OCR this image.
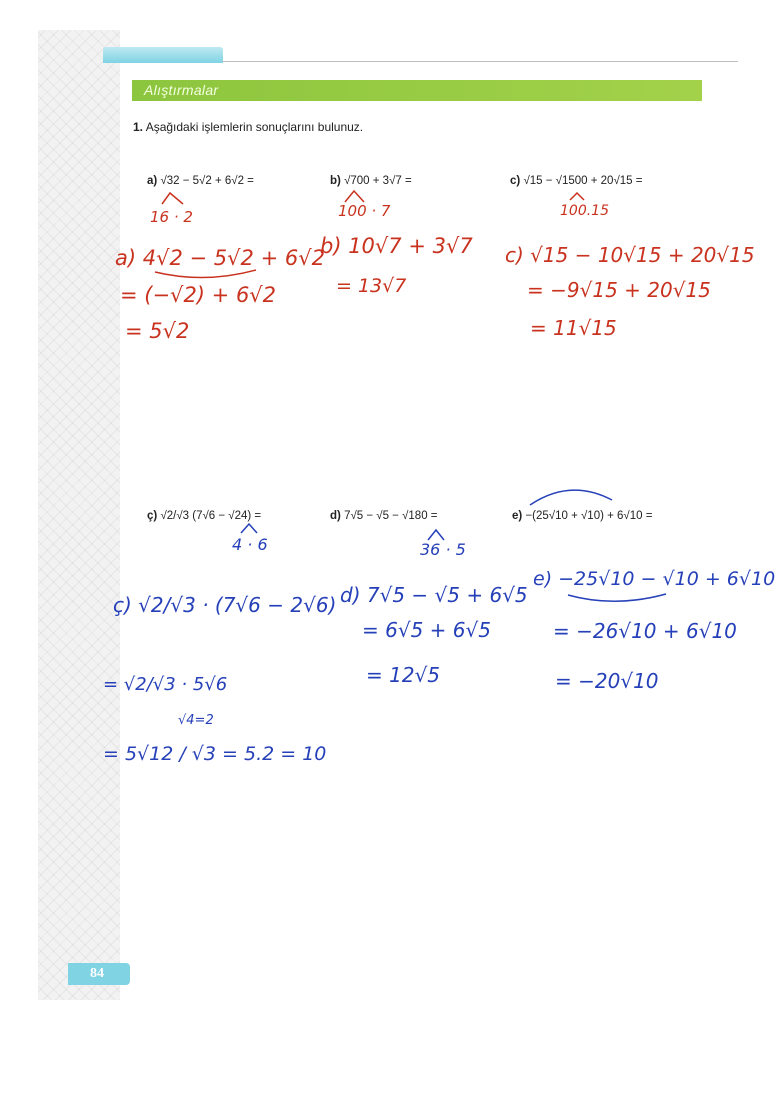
Alıştırmalar
1. Aşağıdaki işlemlerin sonuçlarını bulunuz.
a) √32 − 5√2 + 6√2 =	b) √700 + 3√7 =	c) √15 − √1500 + 20√15 =
ç) √2/√3 (7√6 − √24) =	d) 7√5 − √5 − √180 =	e) −(25√10 + √10) + 6√10 =
16 · 2	100 · 7	100.15
a) 4√2 − 5√2 + 6√2
= (−√2) + 6√2
= 5√2
b) 10√7 + 3√7
= 13√7
c) √15 − 10√15 + 20√15
= −9√15 + 20√15
= 11√15
4 · 6	36 · 5
ç) √2/√3 · (7√6 − 2√6)
= √2/√3 · 5√6
√4=2
= 5√12 / √3 = 5.2 = 10
d) 7√5 − √5 + 6√5
= 6√5 + 6√5
= 12√5
e) −25√10 − √10 + 6√10
= −26√10 + 6√10
= −20√10
84
